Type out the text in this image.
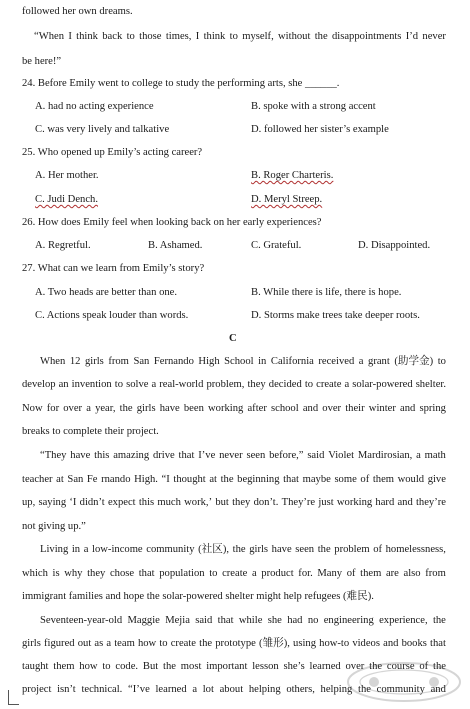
followed her own dreams.
“When I think back to those times, I think to myself, without the disappointments I’d never
be here!”
24. Before Emily went to college to study the performing arts, she ______.
A. had no acting experience	B. spoke with a strong accent
C. was very lively and talkative	D. followed her sister’s example
25. Who opened up Emily’s acting career?
A. Her mother.	B. Roger Charteris.
C. Judi Dench.	D. Meryl Streep.
26. How does Emily feel when looking back on her early experiences?
A. Regretful.	B. Ashamed.	C. Grateful.	D. Disappointed.
27. What can we learn from Emily’s story?
A. Two heads are better than one.	B. While there is life, there is hope.
C. Actions speak louder than words.	D. Storms make trees take deeper roots.
C
When 12 girls from San Fernando High School in California received a grant (助学金) to
develop an invention to solve a real-world problem, they decided to create a solar-powered shelter.
Now for over a year, the girls have been working after school and over their winter and spring
breaks to complete their project.
“They have this amazing drive that I’ve never seen before,” said Violet Mardirosian, a math
teacher at San Fe rnando High. “I thought at the beginning that maybe some of them would give
up, saying ‘I didn’t expect this much work,’ but they don’t. They’re just working hard and they’re
not giving up.”
Living in a low-income community (社区), the girls have seen the problem of homelessness,
which is why they chose that population to create a product for. Many of them are also from
immigrant families and hope the solar-powered shelter might help refugees (难民).
Seventeen-year-old Maggie Mejia said that while she had no engineering experience, the
girls figured out as a team how to create the prototype (雏形), using how-to videos and books that
taught them how to code. But the most important lesson she’s learned over the course of the
project isn’t technical. “I’ve learned a lot about helping others, helping the community and
